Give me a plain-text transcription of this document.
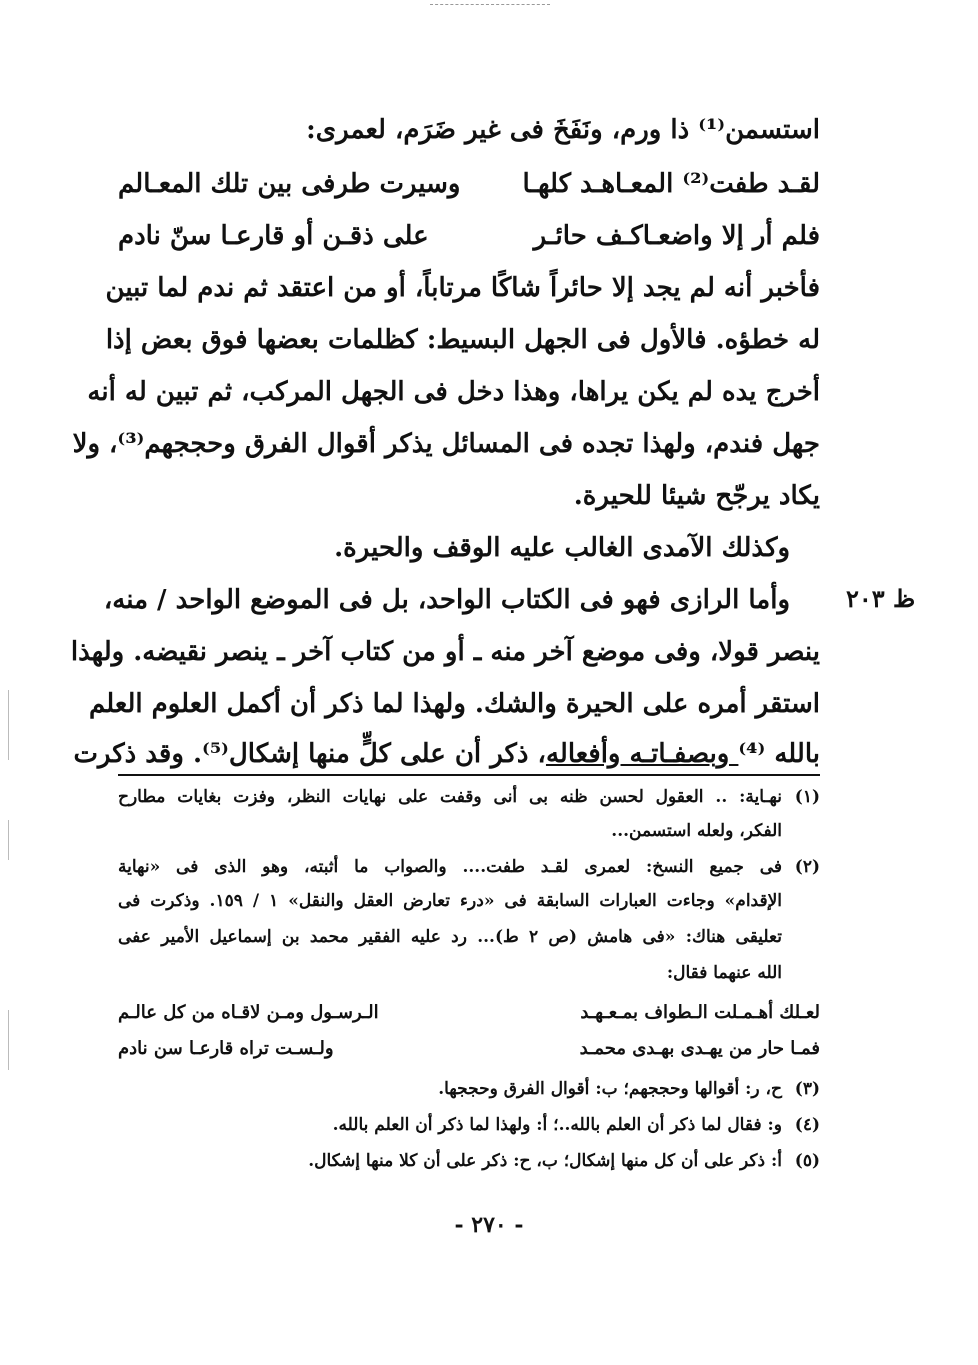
استسمن⁽¹⁾ ذا ورم، ونَفَخَ فى غير ضَرَم، لعمرى:
لقـد طفت⁽²⁾ المعـاهـد كلهـا
وسيرت طرفى بين تلك المعـالم
فلم أر إلا واضعـاكـف حائـر
على ذقـن أو قارعـا سنّ نادم
فأخبر أنه لم يجد إلا حائراً شاكًا مرتاباً، أو من اعتقد ثم ندم لما تبين
له خطؤه. فالأول فى الجهل البسيط: كظلمات بعضها فوق بعض إذا
أخرج يده لم يكن يراها، وهذا دخل فى الجهل المركب، ثم تبين له أنه
جهل فندم، ولهذا تجده فى المسائل يذكر أقوال الفرق وحججهم⁽³⁾، ولا
يكاد يرجّح شيئا للحيرة.
وكذلك الآمدى الغالب عليه الوقف والحيرة.
وأما الرازى فهو فى الكتاب الواحد، بل فى الموضع الواحد / منه،
ينصر قولا، وفى موضع آخر منه ـ أو من كتاب آخر ـ ينصر نقيضه. ولهذا
استقر أمره على الحيرة والشك. ولهذا لما ذكر أن أكمل العلوم العلم
بالله ⁽⁴⁾ وبصفـاتـه وأفعاله، ذكر أن على كلٍّ منها إشكال⁽⁵⁾. وقد ذكرت
ظ ٢٠٣
(١)نهـاية: .. العقول لحسن ظنه بى أنى وقفت على نهايات النظر، وفزت بغايات مطارح
الفكر، ولعله استسمن...
(٢)فى جميع النسخ: لعمرى لقـد طفت.... والصواب ما أثبته، وهو الذى فى «نهاية
الإقدام» وجاءت العبارات السابقة فى «درء تعارض العقل والنقل» ١ / ١٥٩. وذكرت فى
تعليقى هناك: «فى هامش (ص ٢ ط)... رد عليه الفقير محمد بن إسماعيل الأمير عفى
الله عنهما فقال:
لعـلك أهـمـلت الـطواف بمـعـهـد
الـرسـول ومـن لاقـاه من كل عالـم
فمـا حار من يهـدى بهـدى محمـد
ولـسـت تراه قارعـا سن نادم
(٣)ح، ر: أقوالها وحججهم؛ ب: أقوال الفرق وحججها.
(٤)و: فقال لما ذكر أن العلم بالله..؛ أ: ولهذا لما ذكر أن العلم بالله.
(٥)أ: ذكر على أن كل منها إشكال؛ ب، ح: ذكر على أن كلا منها إشكال.
- ٢٧٠ -
